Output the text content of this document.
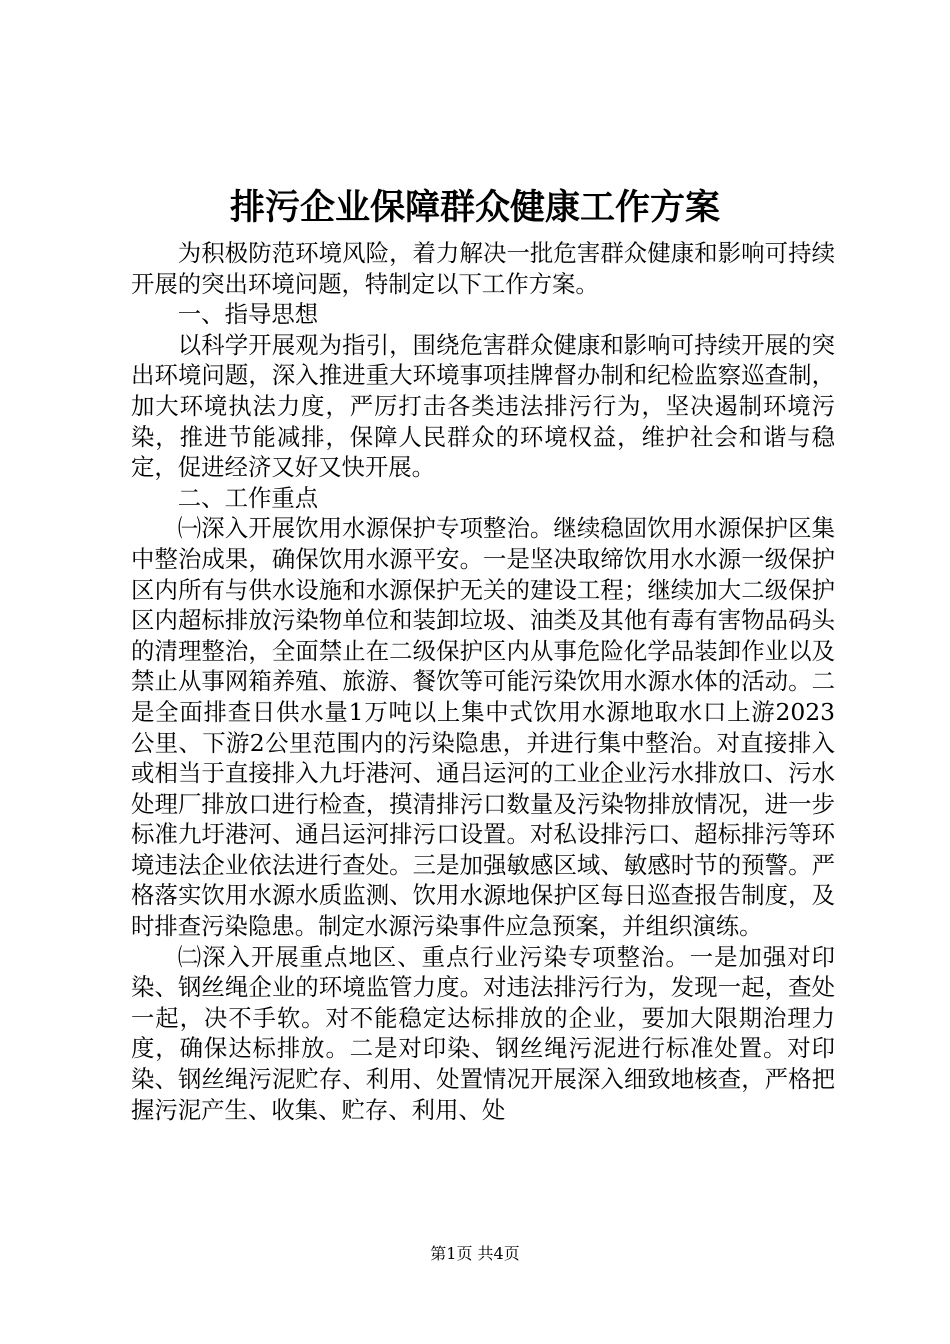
排污企业保障群众健康工作方案

为积极防范环境风险，着力解决一批危害群众健康和影响可持续开展的突出环境问题，特制定以下工作方案。

一、指导思想

以科学开展观为指引，围绕危害群众健康和影响可持续开展的突出环境问题，深入推进重大环境事项挂牌督办制和纪检监察巡查制，加大环境执法力度，严厉打击各类违法排污行为，坚决遏制环境污染，推进节能减排，保障人民群众的环境权益，维护社会和谐与稳定，促进经济又好又快开展。

二、工作重点

㈠深入开展饮用水源保护专项整治。继续稳固饮用水源保护区集中整治成果，确保饮用水源平安。一是坚决取缔饮用水水源一级保护区内所有与供水设施和水源保护无关的建设工程；继续加大二级保护区内超标排放污染物单位和装卸垃圾、油类及其他有毒有害物品码头的清理整治，全面禁止在二级保护区内从事危险化学品装卸作业以及禁止从事网箱养殖、旅游、餐饮等可能污染饮用水源水体的活动。二是全面排查日供水量1万吨以上集中式饮用水源地取水口上游2023公里、下游2公里范围内的污染隐患，并进行集中整治。对直接排入或相当于直接排入九圩港河、通吕运河的工业企业污水排放口、污水处理厂排放口进行检查，摸清排污口数量及污染物排放情况，进一步标准九圩港河、通吕运河排污口设置。对私设排污口、超标排污等环境违法企业依法进行查处。三是加强敏感区域、敏感时节的预警。严格落实饮用水源水质监测、饮用水源地保护区每日巡查报告制度，及时排查污染隐患。制定水源污染事件应急预案，并组织演练。

㈡深入开展重点地区、重点行业污染专项整治。一是加强对印染、钢丝绳企业的环境监管力度。对违法排污行为，发现一起，查处一起，决不手软。对不能稳定达标排放的企业，要加大限期治理力度，确保达标排放。二是对印染、钢丝绳污泥进行标准处置。对印染、钢丝绳污泥贮存、利用、处置情况开展深入细致地核查，严格把握污泥产生、收集、贮存、利用、处

第1页 共4页
